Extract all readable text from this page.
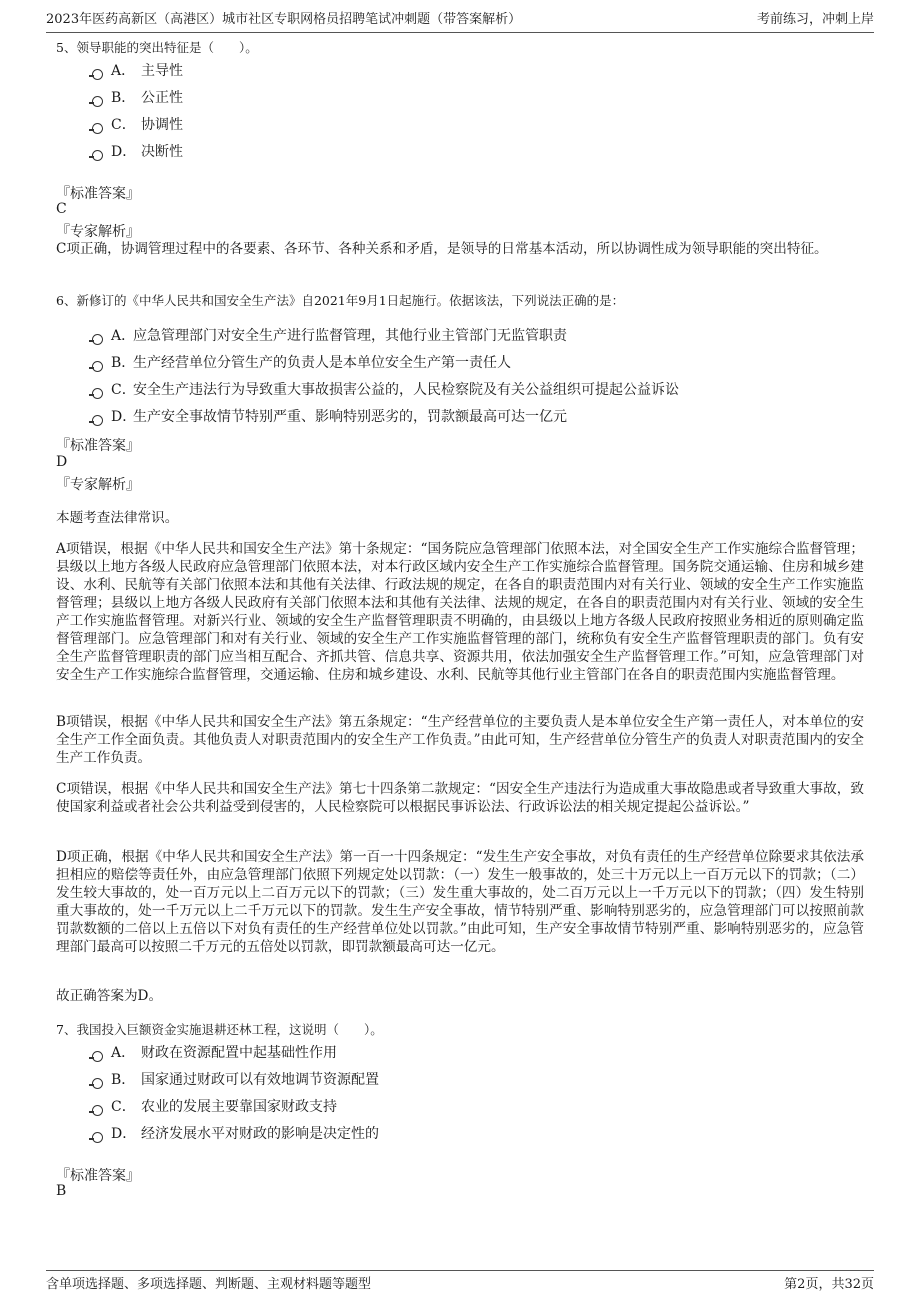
2023年医药高新区（高港区）城市社区专职网格员招聘笔试冲刺题（带答案解析）	考前练习，冲刺上岸
5、领导职能的突出特征是（　　）。
A． 主导性
B． 公正性
C． 协调性
D． 决断性
『标准答案』
C
『专家解析』
C项正确，协调管理过程中的各要素、各环节、各种关系和矛盾，是领导的日常基本活动，所以协调性成为领导职能的突出特征。
6、新修订的《中华人民共和国安全生产法》自2021年9月1日起施行。依据该法，下列说法正确的是：
A．
应急管理部门对安全生产进行监督管理，其他行业主管部门无监管职责
B．
生产经营单位分管生产的负责人是本单位安全生产第一责任人
C．
安全生产违法行为导致重大事故损害公益的，人民检察院及有关公益组织可提起公益诉讼
D．
生产安全事故情节特别严重、影响特别恶劣的，罚款额最高可达一亿元
『标准答案』
D
『专家解析』
本题考查法律常识。
A项错误，根据《中华人民共和国安全生产法》第十条规定：“国务院应急管理部门依照本法，对全国安全生产工作实施综合监督管理；县级以上地方各级人民政府应急管理部门依照本法，对本行政区域内安全生产工作实施综合监督管理。国务院交通运输、住房和城乡建设、水利、民航等有关部门依照本法和其他有关法律、行政法规的规定，在各自的职责范围内对有关行业、领域的安全生产工作实施监督管理；县级以上地方各级人民政府有关部门依照本法和其他有关法律、法规的规定，在各自的职责范围内对有关行业、领域的安全生产工作实施监督管理。对新兴行业、领域的安全生产监督管理职责不明确的，由县级以上地方各级人民政府按照业务相近的原则确定监督管理部门。应急管理部门和对有关行业、领域的安全生产工作实施监督管理的部门，统称负有安全生产监督管理职责的部门。负有安全生产监督管理职责的部门应当相互配合、齐抓共管、信息共享、资源共用，依法加强安全生产监督管理工作。”可知，应急管理部门对安全生产工作实施综合监督管理，交通运输、住房和城乡建设、水利、民航等其他行业主管部门在各自的职责范围内实施监督管理。
B项错误，根据《中华人民共和国安全生产法》第五条规定：“生产经营单位的主要负责人是本单位安全生产第一责任人，对本单位的安全生产工作全面负责。其他负责人对职责范围内的安全生产工作负责。”由此可知，生产经营单位分管生产的负责人对职责范围内的安全生产工作负责。
C项错误，根据《中华人民共和国安全生产法》第七十四条第二款规定：“因安全生产违法行为造成重大事故隐患或者导致重大事故，致使国家利益或者社会公共利益受到侵害的，人民检察院可以根据民事诉讼法、行政诉讼法的相关规定提起公益诉讼。”
D项正确，根据《中华人民共和国安全生产法》第一百一十四条规定：“发生生产安全事故，对负有责任的生产经营单位除要求其依法承担相应的赔偿等责任外，由应急管理部门依照下列规定处以罚款：（一）发生一般事故的，处三十万元以上一百万元以下的罚款；（二）发生较大事故的，处一百万元以上二百万元以下的罚款；（三）发生重大事故的，处二百万元以上一千万元以下的罚款；（四）发生特别重大事故的，处一千万元以上二千万元以下的罚款。发生生产安全事故，情节特别严重、影响特别恶劣的，应急管理部门可以按照前款罚款数额的二倍以上五倍以下对负有责任的生产经营单位处以罚款。”由此可知，生产安全事故情节特别严重、影响特别恶劣的，应急管理部门最高可以按照二千万元的五倍处以罚款，即罚款额最高可达一亿元。
故正确答案为D。
7、我国投入巨额资金实施退耕还林工程，这说明（　　）。
A． 财政在资源配置中起基础性作用
B． 国家通过财政可以有效地调节资源配置
C． 农业的发展主要靠国家财政支持
D． 经济发展水平对财政的影响是决定性的
『标准答案』
B
含单项选择题、多项选择题、判断题、主观材料题等题型	第2页，共32页
